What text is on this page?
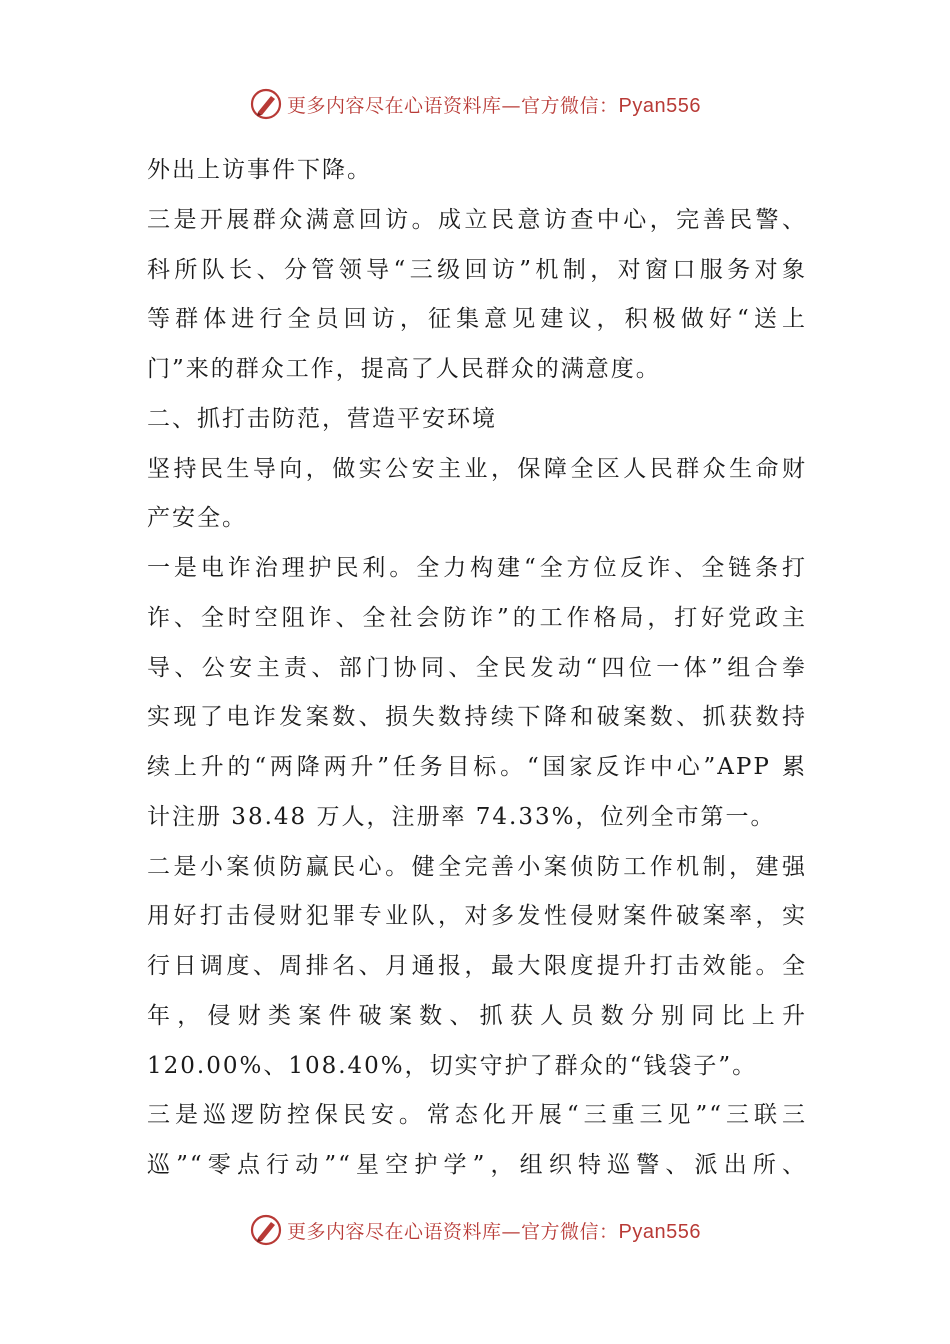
更多内容尽在心语资料库—官方微信：Pyan556
外出上访事件下降。
三是开展群众满意回访。成立民意访查中心，完善民警、
科所队长、分管领导“三级回访”机制，对窗口服务对象
等群体进行全员回访，征集意见建议，积极做好“送上
门”来的群众工作，提高了人民群众的满意度。
二、抓打击防范，营造平安环境
坚持民生导向，做实公安主业，保障全区人民群众生命财
产安全。
一是电诈治理护民利。全力构建“全方位反诈、全链条打
诈、全时空阻诈、全社会防诈”的工作格局，打好党政主
导、公安主责、部门协同、全民发动“四位一体”组合拳
实现了电诈发案数、损失数持续下降和破案数、抓获数持
续上升的“两降两升”任务目标。“国家反诈中心”APP 累
计注册 38.48 万人，注册率 74.33%，位列全市第一。
二是小案侦防赢民心。健全完善小案侦防工作机制，建强
用好打击侵财犯罪专业队，对多发性侵财案件破案率，实
行日调度、周排名、月通报，最大限度提升打击效能。全
年，侵财类案件破案数、抓获人员数分别同比上升
120.00%、108.40%，切实守护了群众的“钱袋子”。
三是巡逻防控保民安。常态化开展“三重三见”“三联三
巡”“零点行动”“星空护学”，组织特巡警、派出所、
更多内容尽在心语资料库—官方微信：Pyan556
